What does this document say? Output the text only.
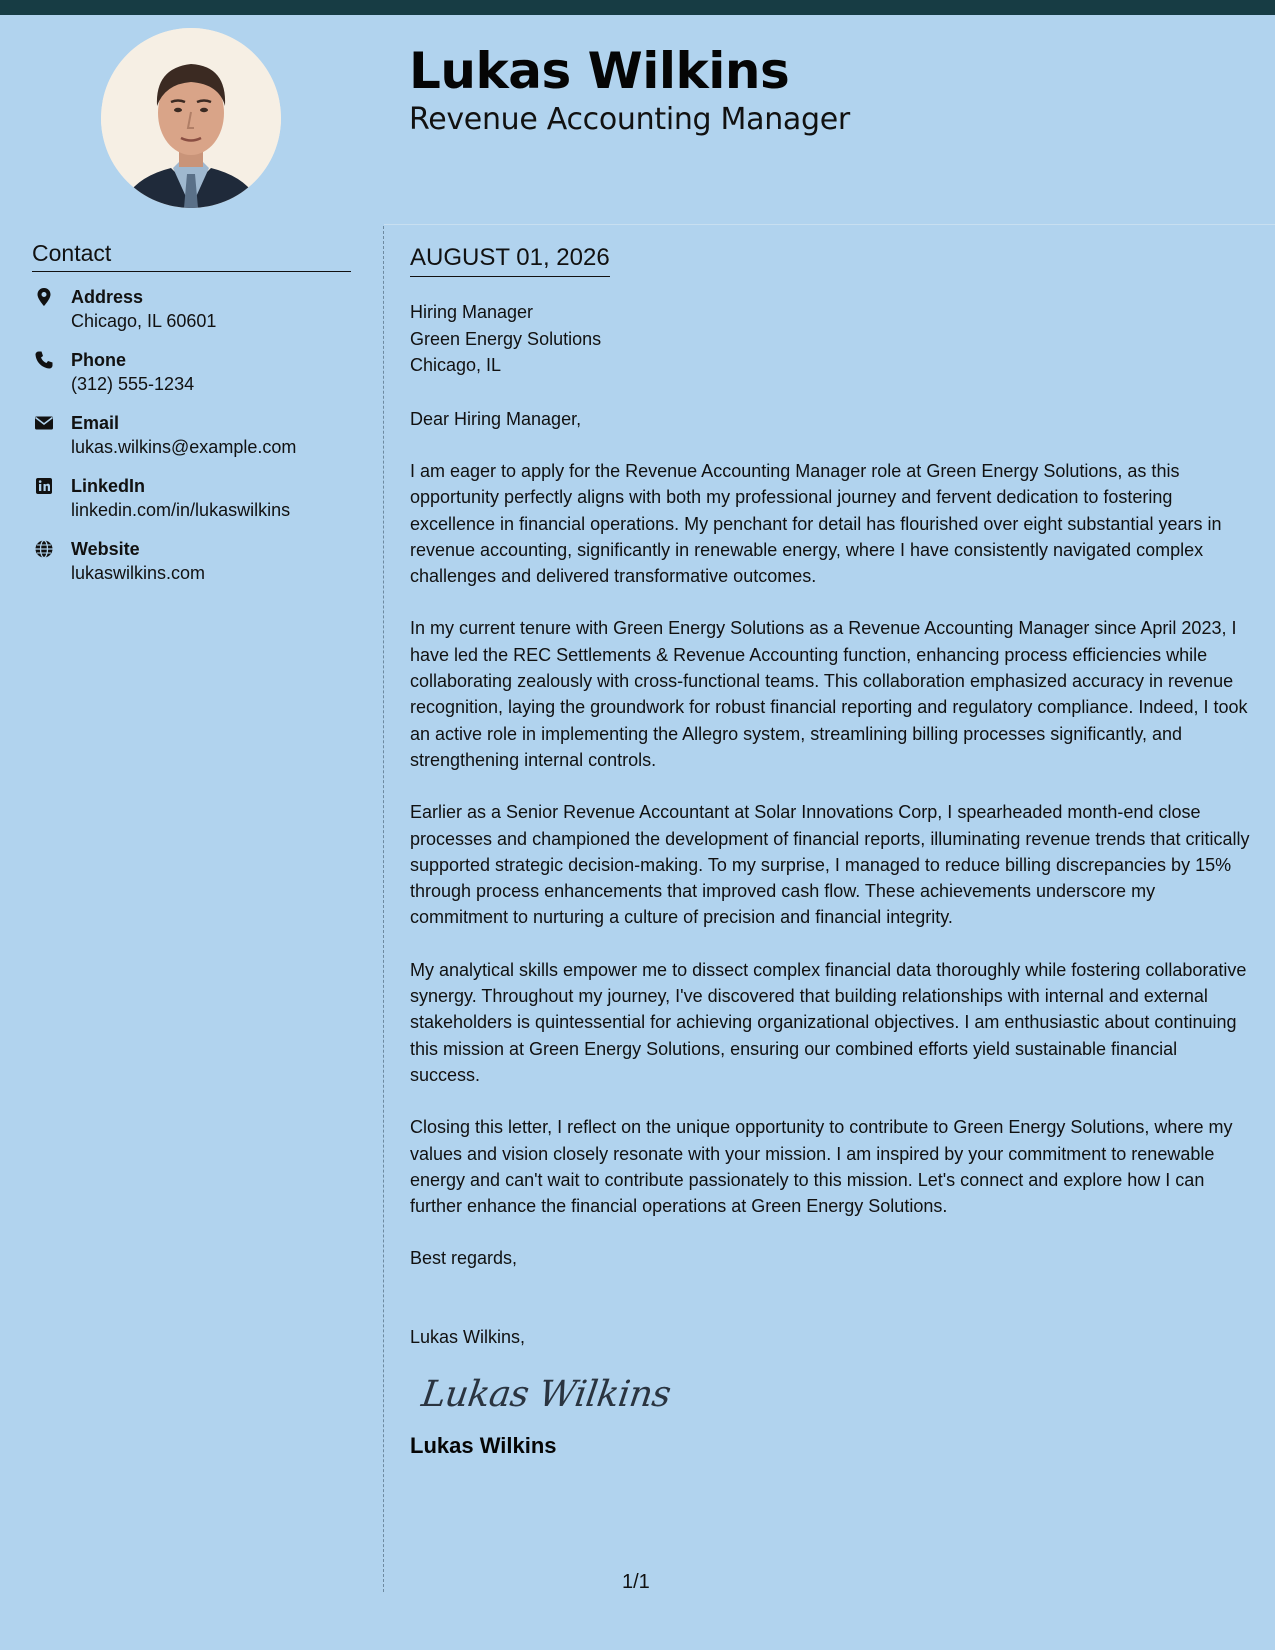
Lukas Wilkins
Revenue Accounting Manager
Contact
Address
Chicago, IL 60601
Phone
(312) 555-1234
Email
lukas.wilkins@example.com
LinkedIn
linkedin.com/in/lukaswilkins
Website
lukaswilkins.com
AUGUST 01, 2026
Hiring Manager
Green Energy Solutions
Chicago, IL
Dear Hiring Manager,

I am eager to apply for the Revenue Accounting Manager role at Green Energy Solutions, as this opportunity perfectly aligns with both my professional journey and fervent dedication to fostering excellence in financial operations. My penchant for detail has flourished over eight substantial years in revenue accounting, significantly in renewable energy, where I have consistently navigated complex challenges and delivered transformative outcomes.

In my current tenure with Green Energy Solutions as a Revenue Accounting Manager since April 2023, I have led the REC Settlements & Revenue Accounting function, enhancing process efficiencies while collaborating zealously with cross-functional teams. This collaboration emphasized accuracy in revenue recognition, laying the groundwork for robust financial reporting and regulatory compliance. Indeed, I took an active role in implementing the Allegro system, streamlining billing processes significantly, and strengthening internal controls.

Earlier as a Senior Revenue Accountant at Solar Innovations Corp, I spearheaded month-end close processes and championed the development of financial reports, illuminating revenue trends that critically supported strategic decision-making. To my surprise, I managed to reduce billing discrepancies by 15% through process enhancements that improved cash flow. These achievements underscore my commitment to nurturing a culture of precision and financial integrity.

My analytical skills empower me to dissect complex financial data thoroughly while fostering collaborative synergy. Throughout my journey, I've discovered that building relationships with internal and external stakeholders is quintessential for achieving organizational objectives. I am enthusiastic about continuing this mission at Green Energy Solutions, ensuring our combined efforts yield sustainable financial success.

Closing this letter, I reflect on the unique opportunity to contribute to Green Energy Solutions, where my values and vision closely resonate with your mission. I am inspired by your commitment to renewable energy and can't wait to contribute passionately to this mission. Let's connect and explore how I can further enhance the financial operations at Green Energy Solutions.

Best regards,
Lukas Wilkins,
Lukas Wilkins
Lukas Wilkins
1/1
